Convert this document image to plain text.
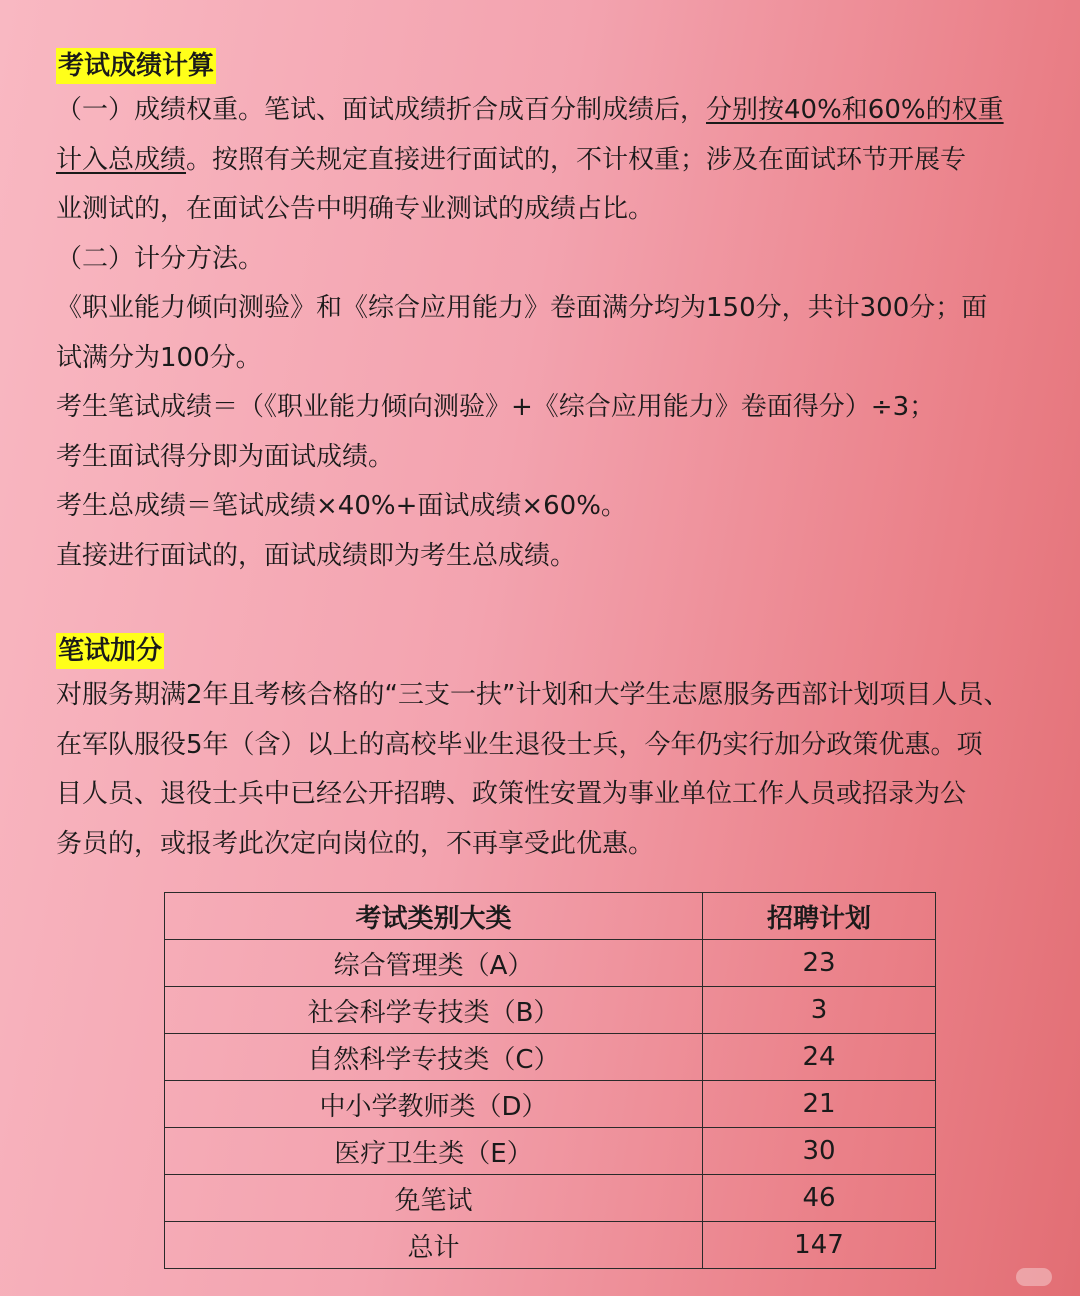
考试成绩计算
（一）成绩权重。笔试、面试成绩折合成百分制成绩后，分别按40%和60%的权重
计入总成绩。按照有关规定直接进行面试的，不计权重；涉及在面试环节开展专
业测试的，在面试公告中明确专业测试的成绩占比。
（二）计分方法。
《职业能力倾向测验》和《综合应用能力》卷面满分均为150分，共计300分；面
试满分为100分。
考生笔试成绩＝（《职业能力倾向测验》+《综合应用能力》卷面得分）÷3；
考生面试得分即为面试成绩。
考生总成绩＝笔试成绩×40%+面试成绩×60%。
直接进行面试的，面试成绩即为考生总成绩。
笔试加分
对服务期满2年且考核合格的“三支一扶”计划和大学生志愿服务西部计划项目人员、
在军队服役5年（含）以上的高校毕业生退役士兵，今年仍实行加分政策优惠。项
目人员、退役士兵中已经公开招聘、政策性安置为事业单位工作人员或招录为公
务员的，或报考此次定向岗位的，不再享受此优惠。
考试类别大类	招聘计划
综合管理类（A）	23
社会科学专技类（B）	3
自然科学专技类（C）	24
中小学教师类（D）	21
医疗卫生类（E）	30
免笔试	46
总计	147
